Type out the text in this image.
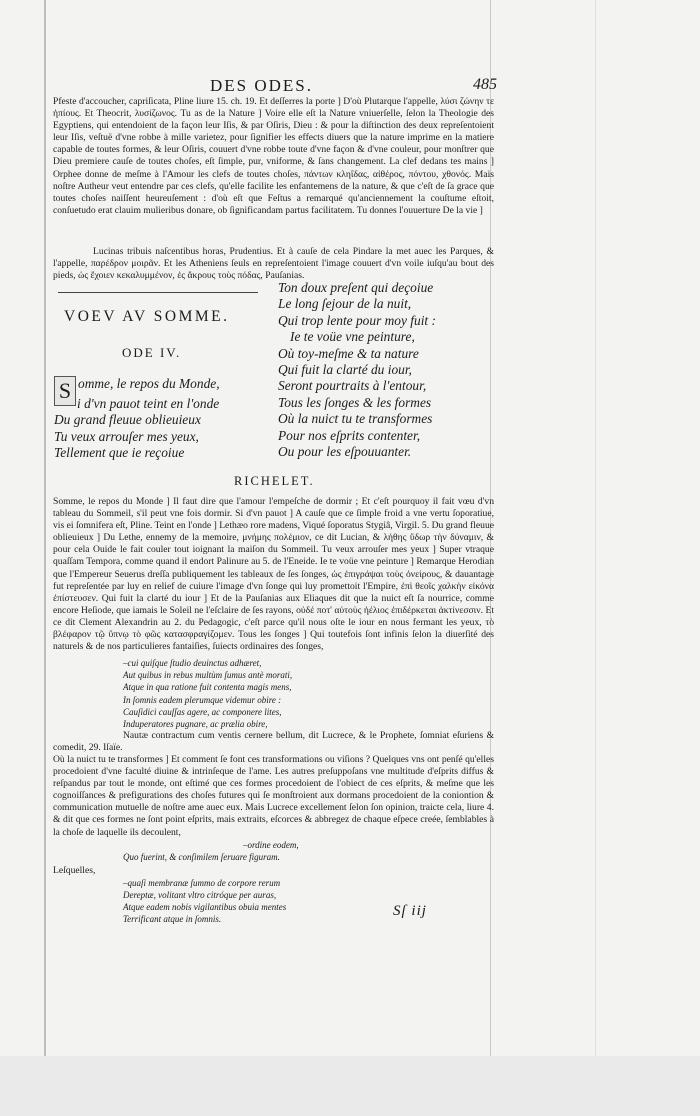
DES ODES.	485

Pfeste d'accoucher, capriſicata, Pline liure 15. ch. 19. Et deſſerres la porte ] D'où Plutarque l'appelle, λύσι ζώνην τε ἠπίους. Et Theocrit, λυσίζωνος. Tu as de la Nature ] Voire elle eſt la Nature vniuerſelle, ſelon la Theologie des Egyptiens, qui entendoient de la façon leur Iſis, & par Oſiris, Dieu : & pour la diſtinction des deux repreſentoient leur Iſis, veſtuë d'vne robbe à mille varietez, pour ſignifier les effects diuers que la nature imprime en la matiere capable de toutes formes, & leur Oſiris, couuert d'vne robbe toute d'vne façon & d'vne couleur, pour monſtrer que Dieu premiere cauſe de toutes choſes, eſt ſimple, pur, vniforme, & ſans changement. La clef dedans tes mains ] Orphee donne de meſme à l'Amour les clefs de toutes choſes, πάντων κληΐδας, αἰθέρος, πόντου, χθονός. Mais noſtre Autheur veut entendre par ces clefs, qu'elle facilite les enfantemens de la nature, & que c'eſt de ſa grace que toutes choſes naiſſent heureuſement : d'où eſt que Feſtus a remarqué qu'anciennement la couſtume eſtoit, conſuetudo erat clauim mulieribus donare, ob ſignificandam partus facilitatem. Tu donnes l'ouuerture De la vie ]

Lucinas tribuis naſcentibus horas, Prudentius. Et à cauſe de cela Pindare la met auec les Parques, & l'appelle, παρέδρον μοιρᾶν. Et les Atheniens ſeuls en repreſentoient l'image couuert d'vn voile iuſqu'au bout des pieds, ὡς ἔχοιεν κεκαλυμμένον, ἐς ἄκρους τοὺς πόδας, Pauſanias.

VOEV AV SOMME.
ODE IV.
S omme, le repos du Monde,
i d'vn pauot teint en l'onde
Du grand fleuue oblieuieux
Tu veux arrouſer mes yeux,
Tellement que ie reçoiue
Ton doux preſent qui deçoiue
Le long ſejour de la nuit,
Qui trop lente pour moy fuit :
Ie te voüe vne peinture,
Où toy-meſme & ta nature
Qui fuit la clarté du iour,
Seront pourtraits à l'entour,
Tous les ſonges & les formes
Où la nuict tu te transformes
Pour nos eſprits contenter,
Ou pour les eſpouuanter.
RICHELET.

Somme, le repos du Monde ] Il faut dire que l'amour l'empeſche de dormir ; Et c'eſt pourquoy il fait vœu d'vn tableau du Sommeil, s'il peut vne fois dormir. Si d'vn pauot ] A cauſe que ce ſimple froid a vne vertu ſoporatiue, vis ei ſomnifera eſt, Pline. Teint en l'onde ] Lethæo rore madens, Viqué ſoporatus Stygiâ, Virgil. 5. Du grand fleuue oblieuieux ] Du Lethe, ennemy de la memoire, μνήμης πολέμιον, ce dit Lucian, & λήθης ὕδωρ τὴν δύναμιν, & pour cela Ouide le fait couler tout ioignant la maiſon du Sommeil. Tu veux arrouſer mes yeux ] Super vtraque quaſſam Tempora, comme quand il endort Palinure au 5. de l'Eneide. Ie te voüe vne peinture ] Remarque Herodian que l'Empereur Seuerus dreſſa publiquement les tableaux de ſes ſonges, ὡς ἐπιγράψαι τοὺς ὀνείρους, & dauantage fut repreſentée par luy en relief de cuiure l'image d'vn ſonge qui luy promettoit l'Empire, ἐπὶ θεοῖς χαλκὴν εἰκόνα ἐπίστευσεν. Qui fuit la clarté du iour ] Et de la Pauſanias aux Eliaques dit que la nuict eſt ſa nourrice, comme encore Heſiode, que iamais le Soleil ne l'eſclaire de ſes rayons, οὐδέ ποτ' αὐτοὺς ἠέλιος ἐπιδέρκεται ἀκτίνεσσιν. Et ce dit Clement Alexandrin au 2. du Pedagogic, c'eſt parce qu'il nous oſte le iour en nous fermant les yeux, τὸ βλέφαρον τῷ ὕπνῳ τὸ φῶς κατασφραγίζομεν. Tous les ſonges ] Qui toutefois ſont infinis ſelon la diuerſité des naturels & de nos particulieres fantaiſies, ſuiects ordinaires des ſonges,

–cui quiſque ſtudio deuinctus adhæret,

Aut quibus in rebus multùm ſumus antè morati,

Atque in qua ratione fuit contenta magis mens,

In ſomnis eadem plerumque videmur obire :

Cauſidici cauſſas agere, ac componere lites,

Induperatores pugnare, ac prælia obire,

Nautæ contractum cum ventis cernere bellum, dit Lucrece, & le Prophete, ſomniat eſuriens & comedit, 29. Iſaïe.

Où la nuict tu te transformes ] Et comment ſe font ces transformations ou viſions ? Quelques vns ont penſé qu'elles procedoient d'vne faculté diuine & intrinſeque de l'ame. Les autres preſuppoſans vne multitude d'eſprits diffus & reſpandus par tout le monde, ont eſtimé que ces formes procedoient de l'obiect de ces eſprits, & meſme que les cognoiſſances & prefigurations des choſes futures qui ſe monſtroient aux dormans procedoient de la coniontion & communication mutuelle de noſtre ame auec eux. Mais Lucrece excellement ſelon ſon opinion, traicte cela, liure 4. & dit que ces formes ne ſont point eſprits, mais extraits, eſcorces & abbregez de chaque eſpece creée, ſemblables à la choſe de laquelle ils decoulent,

–ordine eodem,

Quo fuerint, & conſimilem ſeruare figuram.

Leſquelles,

–quaſi membranæ ſummo de corpore rerum

Dereptæ, volitant vltro citróque per auras,

Atque eadem nobis vigilantibus obuia mentes

Terrificant atque in ſomnis.

Sſ iij
